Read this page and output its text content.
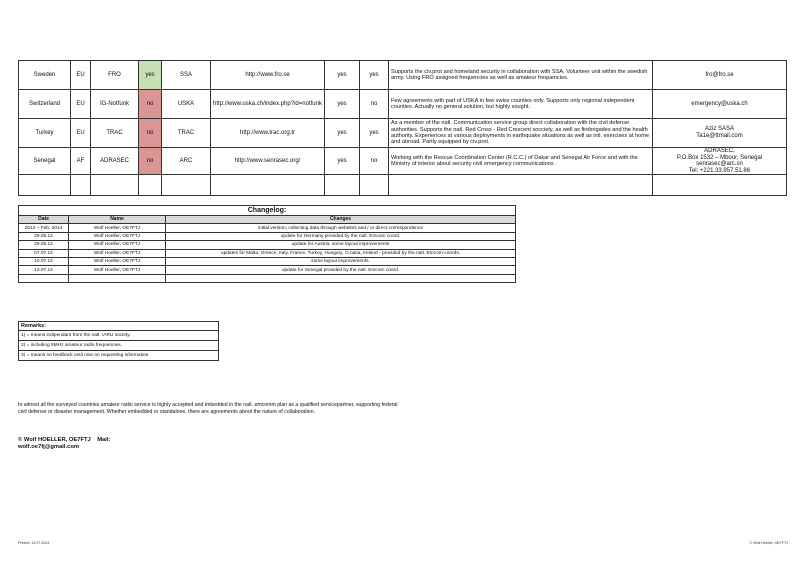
Sweden	EU	FRO	yes	SSA	http://www.fro.se	yes	yes	Supports the civ.prot and homeland security in collaboration with SSA. Volunteer unit within the swedish army. Using FRO assigned frequencies as well as amateur frequencies.	fro@fro.se

Switzerland	EU	IG-Notfunk	no	USKA	http://www.uska.ch/index.php?id=notfunk	yes	no	Few agreements with part of USKA in few swiss counties only. Supports only regional independent counties. Actually no general solution, but highly sought.	emergency@uska.ch

Turkey	EU	TRAC	no	TRAC	http://www.trac.org.tr	yes	yes	As a member of the natl. Communication service group direct collaboration with the civil defense authorities. Supports the natl. Red Cross - Red Crescent socciety, as well as firebrigades and the health authority. Experiences at various deployments in earthquake situations as well as intl. exercises at home and abroad. Partly equipped by civ.prot.	Aziz SASA
Ta1e@ttmail.com

Senegal	AF	ADRASEC	no	ARC	http://www.senrasec.org/	yes	no	Working with the Rescue Coordination Center (R.C.C.) of Dakar and Senegal Air Force and with the Ministry of interior about security civil emergency communications .	ADRASEC,
P.O.Box 1532 – Mbour, Senegal
senrasec@arc.sn
Tel: +221.33.957.51.86

Changelog:		
Date	Name	Changes
2012 – Feb. 2014	Wolf Hoeller, OE7FTJ	initial version, collecting data through websites and / or direct correspondence
29.05.14	Wolf Hoeller, OE7FTJ	update for Germany provided by the natl. Emcom coord.
29.05.14	Wolf Hoeller, OE7FTJ	update for Austria, some layout improvements
07.07.14	Wolf Hoeller, OE7FTJ	updates for Malta, Greece, Italy, France, Turkey, Hungary, Croatia, Ireland - provided by the natl. Emcom-coords.
10.07.14	Wolf Hoeller, OE7FTJ	some layout improvements.
13.07.14	Wolf Hoeller, OE7FTJ	update for Senegal provided by the natl. Emcom coord.

Remarks:
1) = means indipendant from the natl. IARU society.
2) = including 5MHz amateur radio frequencies.
3) = means no feedback until now on requesting information
In almost all the surveyed countries amateur radio service is highly accepted and imbedded in the natl. emcomm plan as a qualified servicepartner, supporting federal civil defense or disaster management. Whether embedded or standalone, there are agreements about the nature of collaboration.
© Wolf HOELLER, OE7FTJ    Mail:
wolf.oe7fj@gmail.com
Printed: 13.07.2014	© Wolf Hoeller, OE7FTJ
